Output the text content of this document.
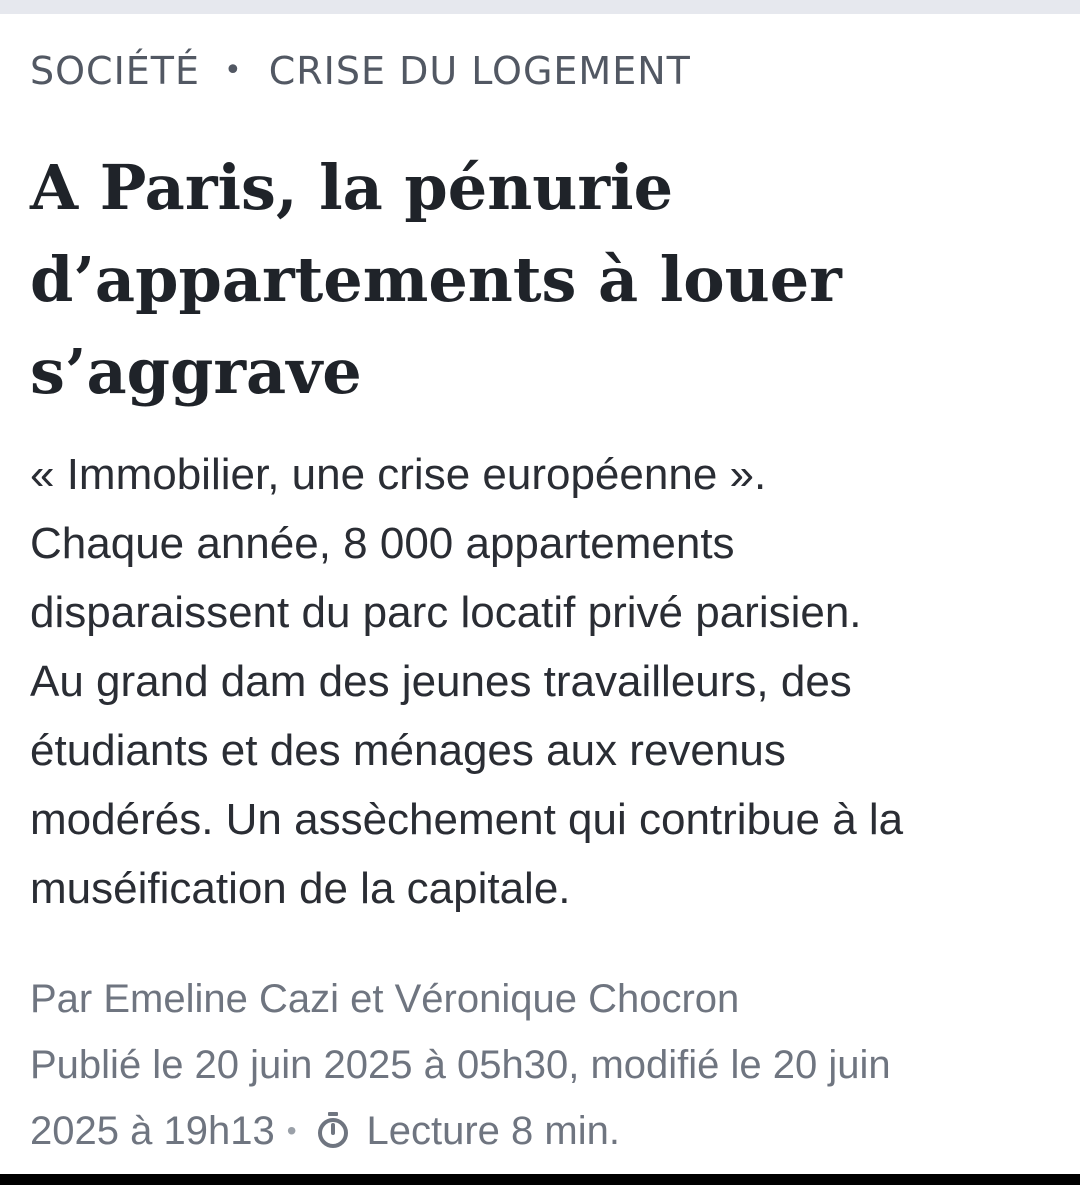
SOCIÉTÉ • CRISE DU LOGEMENT
A Paris, la pénurie
d’appartements à louer
s’aggrave
« Immobilier, une crise européenne ».
Chaque année, 8 000 appartements
disparaissent du parc locatif privé parisien.
Au grand dam des jeunes travailleurs, des
étudiants et des ménages aux revenus
modérés. Un assèchement qui contribue à la
muséification de la capitale.
Par Emeline Cazi et Véronique Chocron
Publié le 20 juin 2025 à 05h30, modifié le 20 juin
2025 à 19h13 • Lecture 8 min.
